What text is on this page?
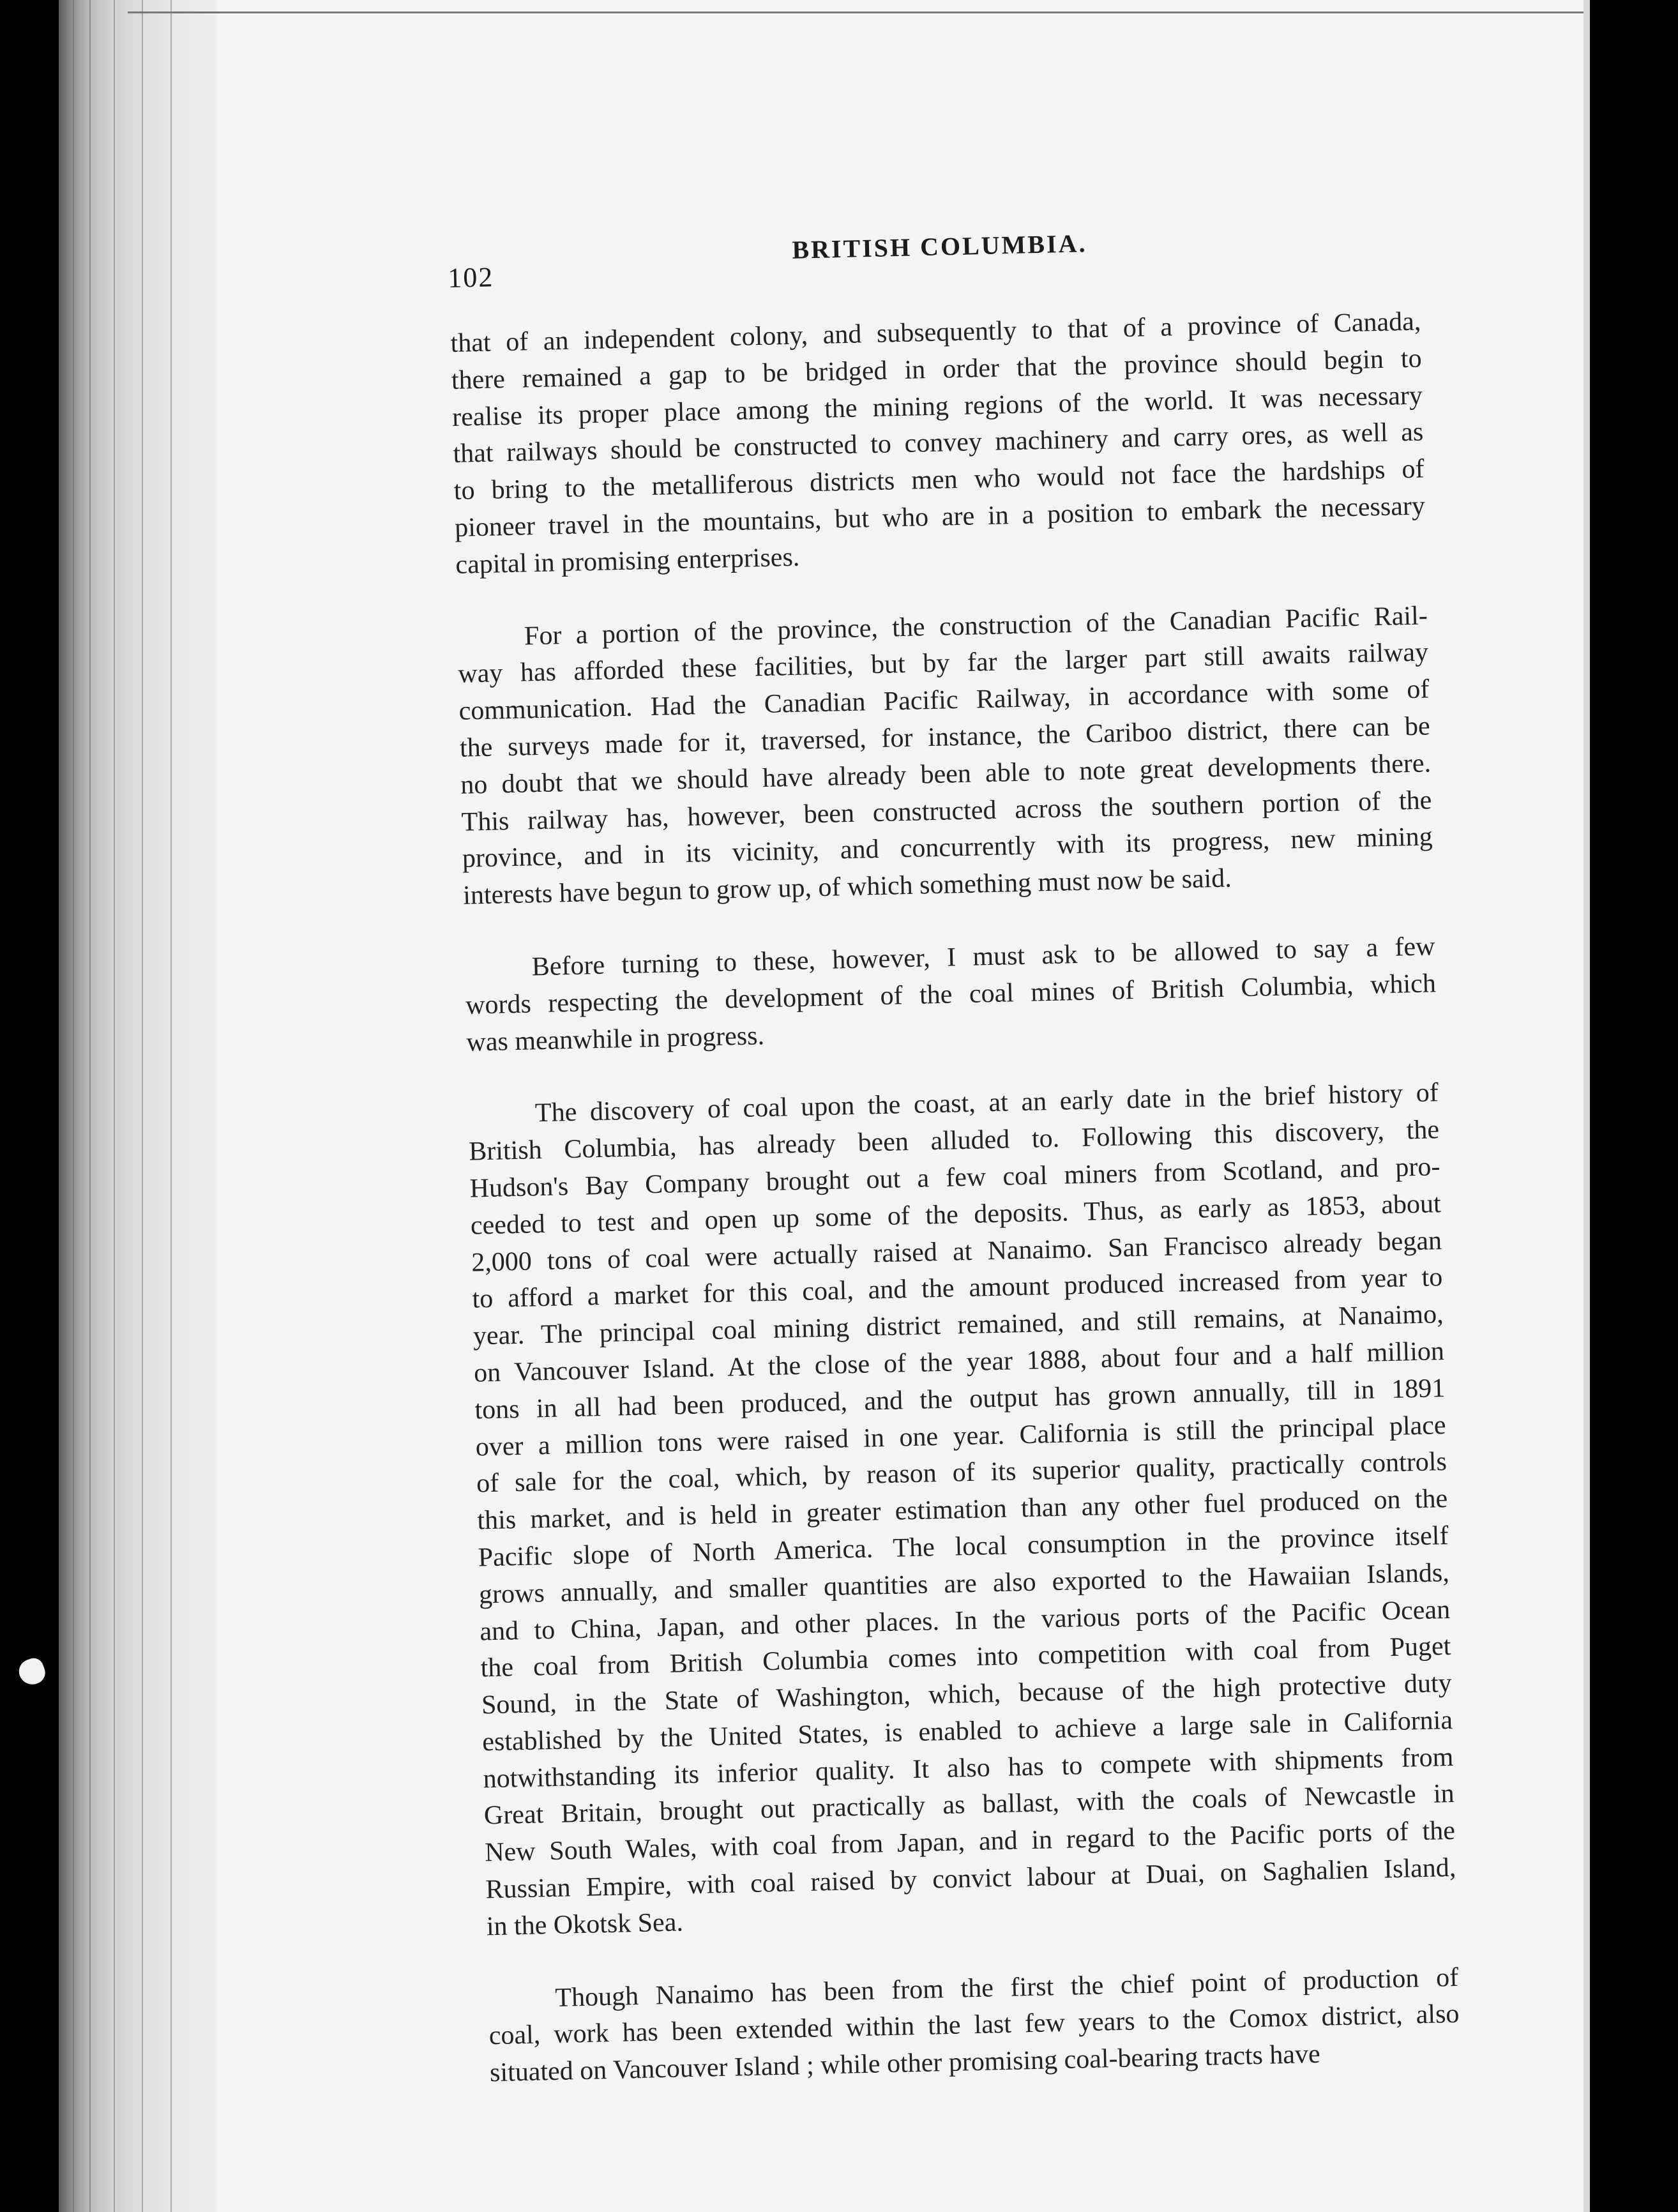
102
BRITISH COLUMBIA.
that of an independent colony, and subsequently to that of a province of Canada,
there remained a gap to be bridged in order that the province should begin to
realise its proper place among the mining regions of the world. It was necessary
that railways should be constructed to convey machinery and carry ores, as well as
to bring to the metalliferous districts men who would not face the hardships of
pioneer travel in the mountains, but who are in a position to embark the necessary
capital in promising enterprises.
For a portion of the province, the construction of the Canadian Pacific Rail-
way has afforded these facilities, but by far the larger part still awaits railway
communication. Had the Canadian Pacific Railway, in accordance with some of
the surveys made for it, traversed, for instance, the Cariboo district, there can be
no doubt that we should have already been able to note great developments there.
This railway has, however, been constructed across the southern portion of the
province, and in its vicinity, and concurrently with its progress, new mining
interests have begun to grow up, of which something must now be said.
Before turning to these, however, I must ask to be allowed to say a few
words respecting the development of the coal mines of British Columbia, which
was meanwhile in progress.
The discovery of coal upon the coast, at an early date in the brief history of
British Columbia, has already been alluded to. Following this discovery, the
Hudson's Bay Company brought out a few coal miners from Scotland, and pro-
ceeded to test and open up some of the deposits. Thus, as early as 1853, about
2,000 tons of coal were actually raised at Nanaimo. San Francisco already began
to afford a market for this coal, and the amount produced increased from year to
year. The principal coal mining district remained, and still remains, at Nanaimo,
on Vancouver Island. At the close of the year 1888, about four and a half million
tons in all had been produced, and the output has grown annually, till in 1891
over a million tons were raised in one year. California is still the principal place
of sale for the coal, which, by reason of its superior quality, practically controls
this market, and is held in greater estimation than any other fuel produced on the
Pacific slope of North America. The local consumption in the province itself
grows annually, and smaller quantities are also exported to the Hawaiian Islands,
and to China, Japan, and other places. In the various ports of the Pacific Ocean
the coal from British Columbia comes into competition with coal from Puget
Sound, in the State of Washington, which, because of the high protective duty
established by the United States, is enabled to achieve a large sale in California
notwithstanding its inferior quality. It also has to compete with shipments from
Great Britain, brought out practically as ballast, with the coals of Newcastle in
New South Wales, with coal from Japan, and in regard to the Pacific ports of the
Russian Empire, with coal raised by convict labour at Duai, on Saghalien Island,
in the Okotsk Sea.
Though Nanaimo has been from the first the chief point of production of
coal, work has been extended within the last few years to the Comox district, also
situated on Vancouver Island ; while other promising coal-bearing tracts have
